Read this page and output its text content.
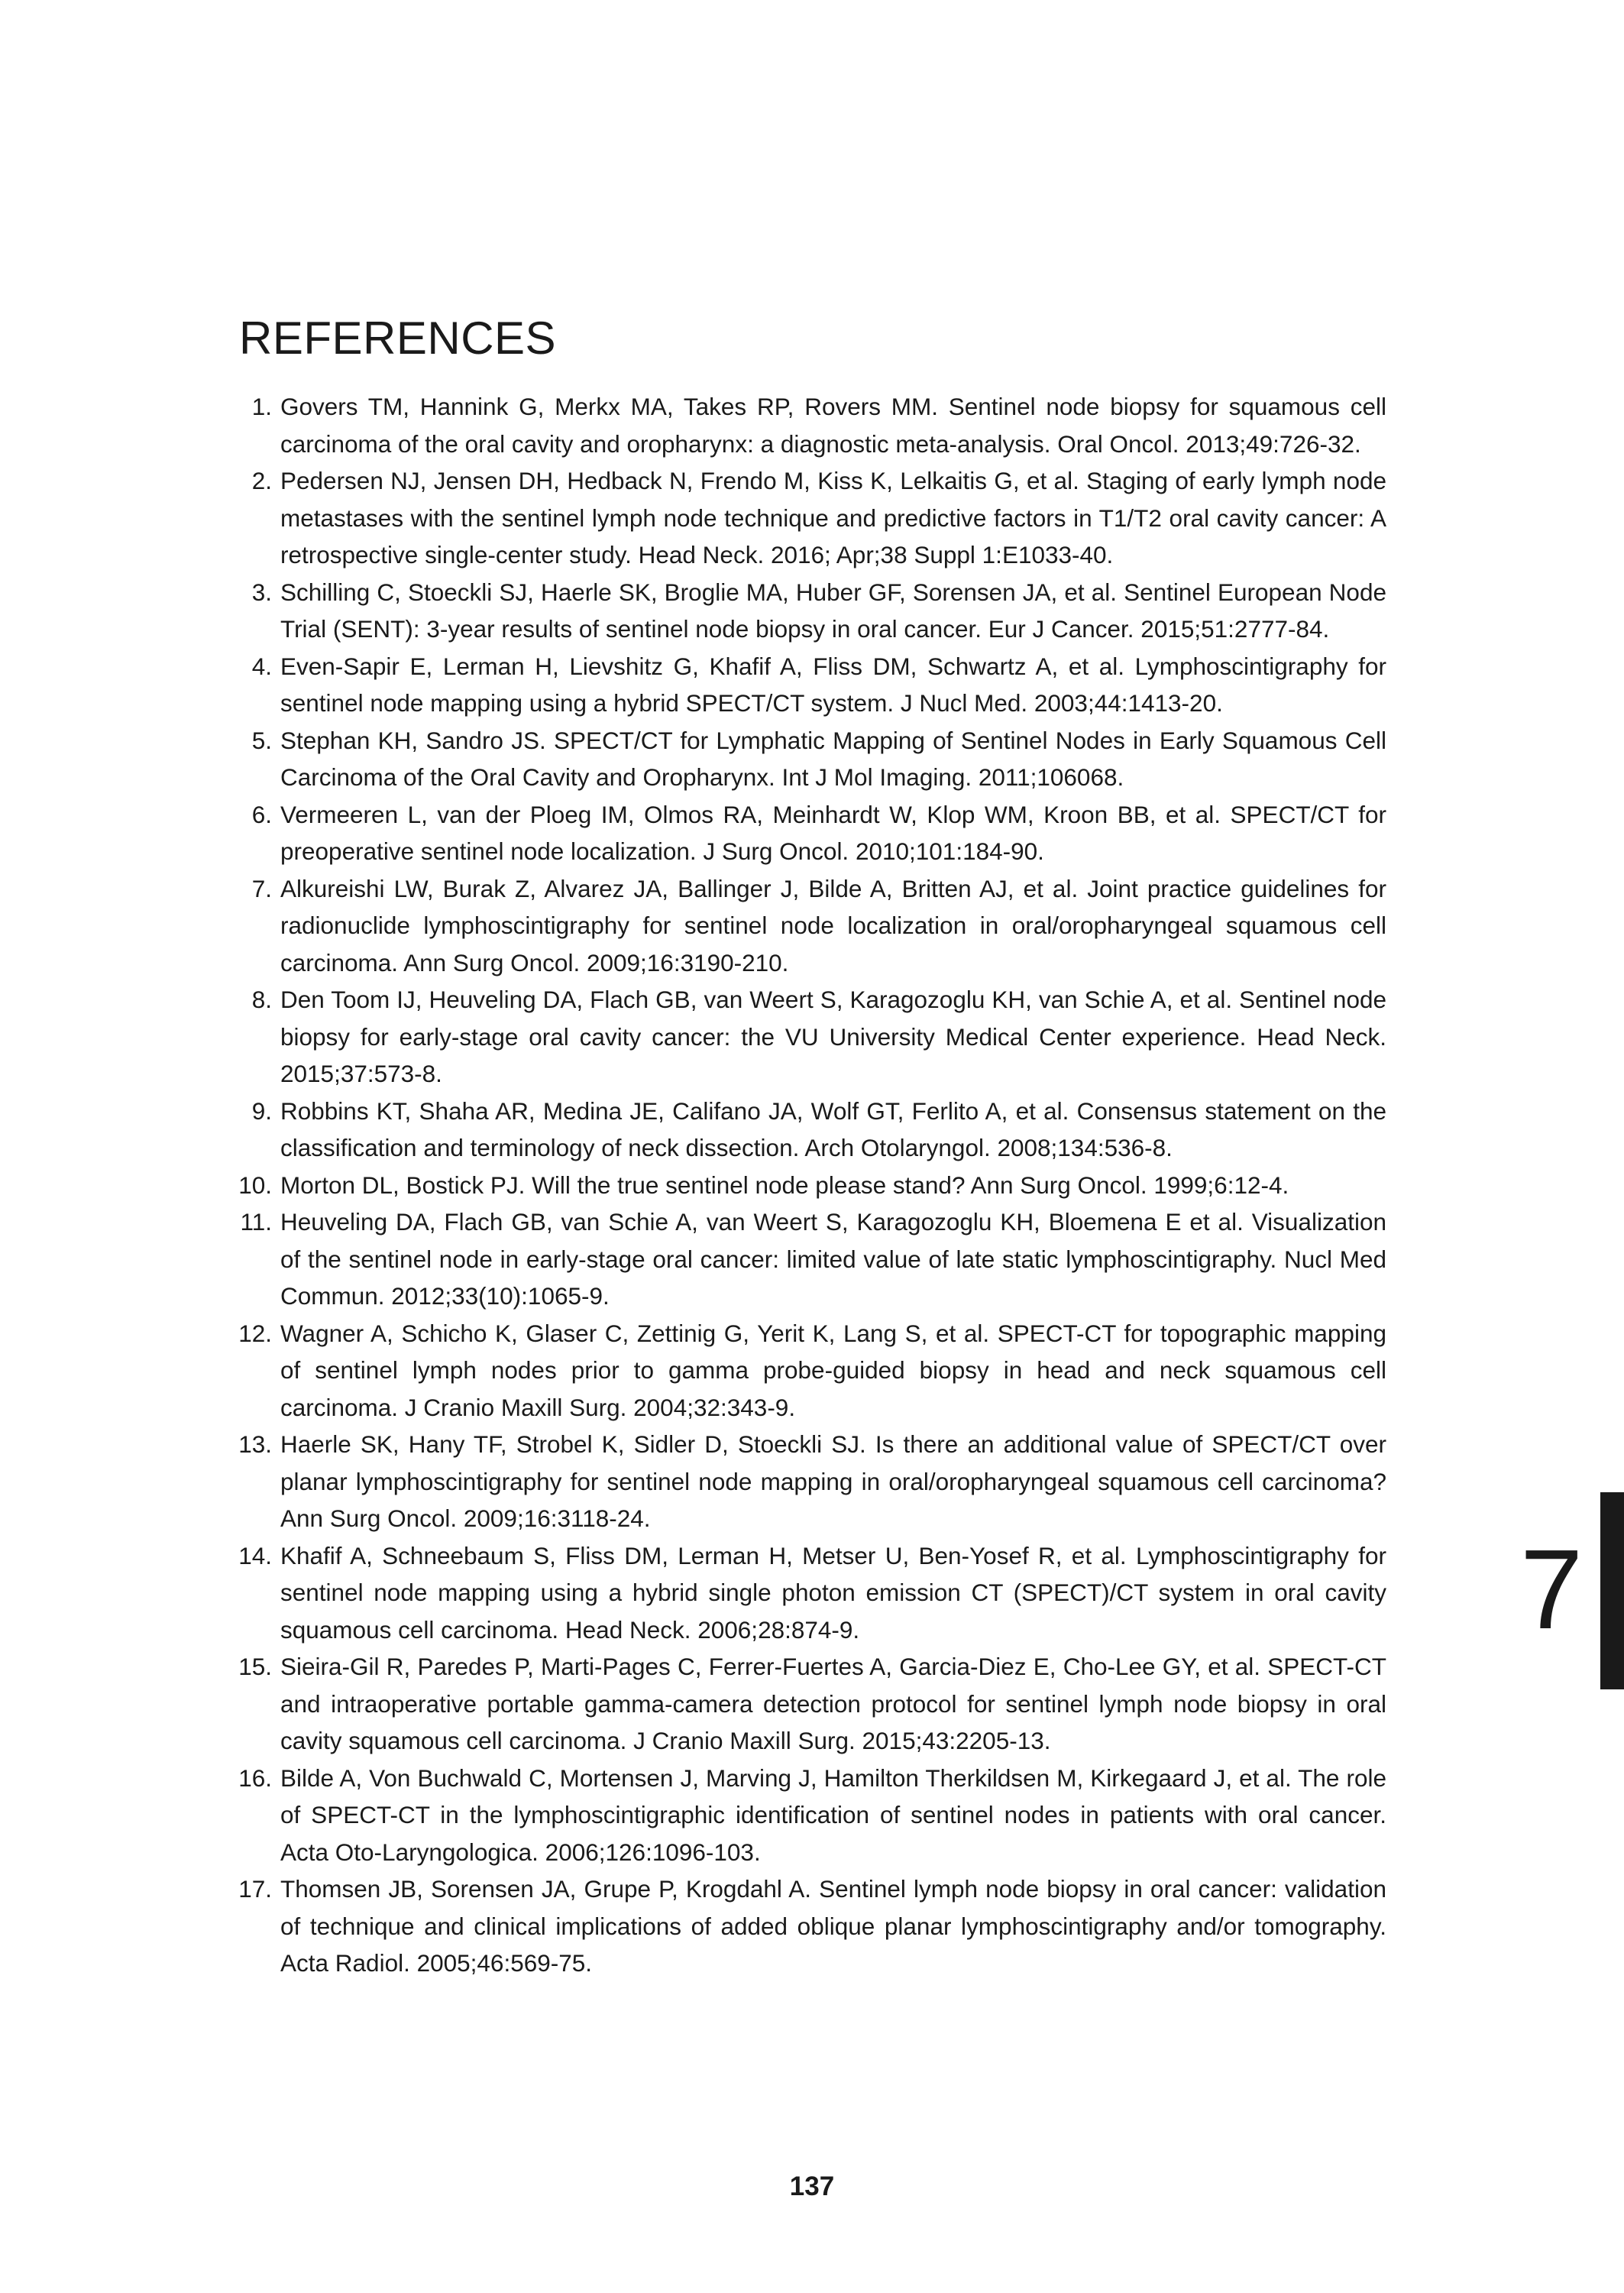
REFERENCES
1. Govers TM, Hannink G, Merkx MA, Takes RP, Rovers MM. Sentinel node biopsy for squamous cell carcinoma of the oral cavity and oropharynx: a diagnostic meta-analysis. Oral Oncol. 2013;49:726-32.
2. Pedersen NJ, Jensen DH, Hedback N, Frendo M, Kiss K, Lelkaitis G, et al. Staging of early lymph node metastases with the sentinel lymph node technique and predictive factors in T1/T2 oral cavity cancer: A retrospective single-center study. Head Neck. 2016; Apr;38 Suppl 1:E1033-40.
3. Schilling C, Stoeckli SJ, Haerle SK, Broglie MA, Huber GF, Sorensen JA, et al. Sentinel European Node Trial (SENT): 3-year results of sentinel node biopsy in oral cancer. Eur J Cancer. 2015;51:2777-84.
4. Even-Sapir E, Lerman H, Lievshitz G, Khafif A, Fliss DM, Schwartz A, et al. Lymphoscintigraphy for sentinel node mapping using a hybrid SPECT/CT system. J Nucl Med. 2003;44:1413-20.
5. Stephan KH, Sandro JS. SPECT/CT for Lymphatic Mapping of Sentinel Nodes in Early Squamous Cell Carcinoma of the Oral Cavity and Oropharynx. Int J Mol Imaging. 2011;106068.
6. Vermeeren L, van der Ploeg IM, Olmos RA, Meinhardt W, Klop WM, Kroon BB, et al. SPECT/CT for preoperative sentinel node localization. J Surg Oncol. 2010;101:184-90.
7. Alkureishi LW, Burak Z, Alvarez JA, Ballinger J, Bilde A, Britten AJ, et al. Joint practice guidelines for radionuclide lymphoscintigraphy for sentinel node localization in oral/oropharyngeal squamous cell carcinoma. Ann Surg Oncol. 2009;16:3190-210.
8. Den Toom IJ, Heuveling DA, Flach GB, van Weert S, Karagozoglu KH, van Schie A, et al. Sentinel node biopsy for early-stage oral cavity cancer: the VU University Medical Center experience. Head Neck. 2015;37:573-8.
9. Robbins KT, Shaha AR, Medina JE, Califano JA, Wolf GT, Ferlito A, et al. Consensus statement on the classification and terminology of neck dissection. Arch Otolaryngol. 2008;134:536-8.
10. Morton DL, Bostick PJ. Will the true sentinel node please stand? Ann Surg Oncol. 1999;6:12-4.
11. Heuveling DA, Flach GB, van Schie A, van Weert S, Karagozoglu KH, Bloemena E et al. Visualization of the sentinel node in early-stage oral cancer: limited value of late static lymphoscintigraphy. Nucl Med Commun. 2012;33(10):1065-9.
12. Wagner A, Schicho K, Glaser C, Zettinig G, Yerit K, Lang S, et al. SPECT-CT for topographic mapping of sentinel lymph nodes prior to gamma probe-guided biopsy in head and neck squamous cell carcinoma. J Cranio Maxill Surg. 2004;32:343-9.
13. Haerle SK, Hany TF, Strobel K, Sidler D, Stoeckli SJ. Is there an additional value of SPECT/CT over planar lymphoscintigraphy for sentinel node mapping in oral/oropharyngeal squamous cell carcinoma? Ann Surg Oncol. 2009;16:3118-24.
14. Khafif A, Schneebaum S, Fliss DM, Lerman H, Metser U, Ben-Yosef R, et al. Lymphoscintigraphy for sentinel node mapping using a hybrid single photon emission CT (SPECT)/CT system in oral cavity squamous cell carcinoma. Head Neck. 2006;28:874-9.
15. Sieira-Gil R, Paredes P, Marti-Pages C, Ferrer-Fuertes A, Garcia-Diez E, Cho-Lee GY, et al. SPECT-CT and intraoperative portable gamma-camera detection protocol for sentinel lymph node biopsy in oral cavity squamous cell carcinoma. J Cranio Maxill Surg. 2015;43:2205-13.
16. Bilde A, Von Buchwald C, Mortensen J, Marving J, Hamilton Therkildsen M, Kirkegaard J, et al. The role of SPECT-CT in the lymphoscintigraphic identification of sentinel nodes in patients with oral cancer. Acta Oto-Laryngologica. 2006;126:1096-103.
17. Thomsen JB, Sorensen JA, Grupe P, Krogdahl A. Sentinel lymph node biopsy in oral cancer: validation of technique and clinical implications of added oblique planar lymphoscintigraphy and/or tomography. Acta Radiol. 2005;46:569-75.
7
137
